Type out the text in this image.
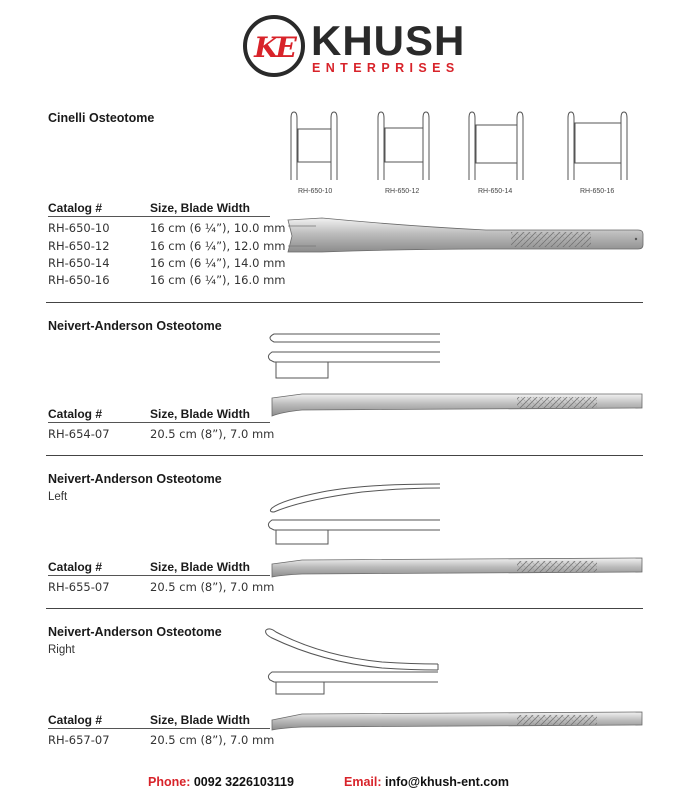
KE KHUSH
ENTERPRISES
Cinelli Osteotome
RH-650-10	RH-650-12	RH-650-14	RH-650-16
Catalog #	Size, Blade Width
RH-650-10	16 cm (6 ¼”), 10.0 mm
RH-650-12	16 cm (6 ¼”), 12.0 mm
RH-650-14	16 cm (6 ¼”), 14.0 mm
RH-650-16	16 cm (6 ¼”), 16.0 mm
Neivert-Anderson Osteotome
Catalog #	Size, Blade Width
RH-654-07	20.5 cm (8”), 7.0 mm
Neivert-Anderson Osteotome
Left
Catalog #	Size, Blade Width
RH-655-07	20.5 cm (8”), 7.0 mm
Neivert-Anderson Osteotome
Right
Catalog #	Size, Blade Width
RH-657-07	20.5 cm (8”), 7.0 mm
Phone: 0092 3226103119	Email: info@khush-ent.com
